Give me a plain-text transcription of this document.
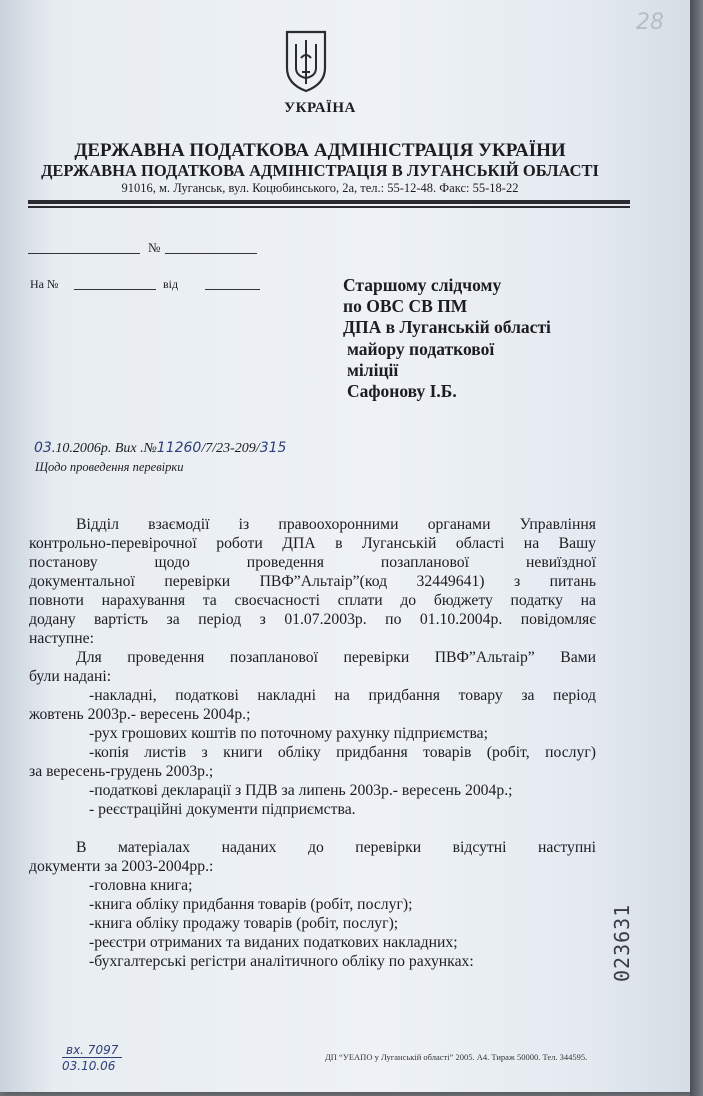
УКРАЇНА
ДЕРЖАВНА ПОДАТКОВА АДМІНІСТРАЦІЯ УКРАЇНИ
ДЕРЖАВНА ПОДАТКОВА АДМІНІСТРАЦІЯ В ЛУГАНСЬКІЙ ОБЛАСТІ
91016, м. Луганськ, вул. Коцюбинського, 2а, тел.: 55-12-48. Факс: 55-18-22
28
№
На №	від	Старшому слідчому
по ОВС СВ ПМ
ДПА в Луганській області
майору податкової
міліції
Сафонову І.Б.
03.10.2006р. Вих .№11260/7/23-209/315
Щодо проведення перевірки

Відділ взаємодії із правоохоронними органами Управління

контрольно-перевірочної роботи ДПА в Луганській області на Вашу

постанову щодо проведення позапланової невиїздної

документальної перевірки ПВФ”Альтаір”(код 32449641) з питань

повноти нарахування та своєчасності сплати до бюджету податку на

додану вартість за період з 01.07.2003р. по 01.10.2004р. повідомляє

наступне:

Для проведення позапланової перевірки ПВФ”Альтаір” Вами

були надані:

-накладні, податкові накладні на придбання товару за період

жовтень 2003р.- вересень 2004р.;

-рух грошових коштів по поточному рахунку підприємства;

-копія листів з книги обліку придбання товарів (робіт, послуг)

за вересень-грудень 2003р.;

-податкові декларації з ПДВ за липень 2003р.- вересень 2004р.;

- реєстраційні документи підприємства.

В матеріалах наданих до перевірки відсутні наступні

документи за 2003-2004рр.:

-головна книга;

-книга обліку придбання товарів (робіт, послуг);

-книга обліку продажу товарів (робіт, послуг);

-реєстри отриманих та виданих податкових накладних;

-бухгалтерські регістри аналітичного обліку по рахунках:	023631
вх. 7097
03.10.06
ДП “УЕАПО у Луганській області” 2005. А4. Тираж 50000. Тел. 344595.
